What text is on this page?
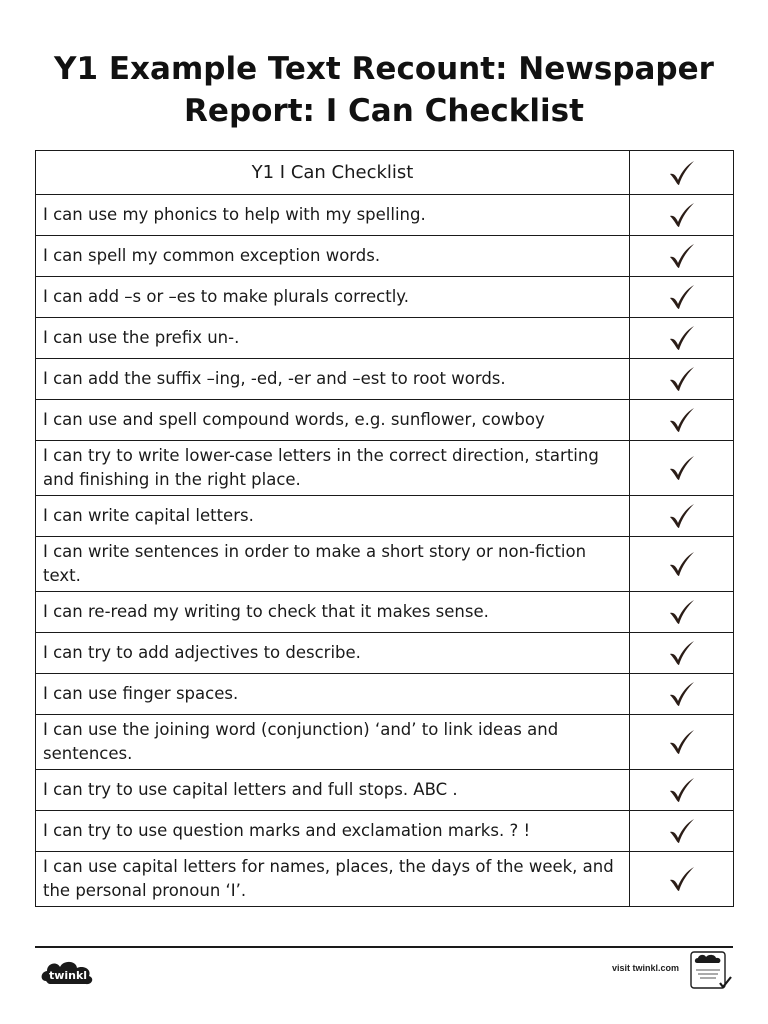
Y1 Example Text Recount: Newspaper
Report: I Can Checklist
Y1 I Can Checklist	

I can use my phonics to help with my spelling.	

I can spell my common exception words.	

I can add –s or –es to make plurals correctly.	

I can use the prefix un-.	

I can add the suffix –ing, -ed, -er and –est to root words.	

I can use and spell compound words, e.g. sunflower, cowboy	

I can try to write lower-case letters in the correct direction, starting and finishing in the right place.	

I can write capital letters.	

I can write sentences in order to make a short story or non-fiction text.	

I can re-read my writing to check that it makes sense.	

I can try to add adjectives to describe.	

I can use finger spaces.	

I can use the joining word (conjunction) ‘and’ to link ideas and sentences.	

I can try to use capital letters and full stops. ABC .	

I can try to use question marks and exclamation marks. ? !	

I can use capital letters for names, places, the days of the week, and the personal pronoun ‘I’.	
twinkl
visit twinkl.com
